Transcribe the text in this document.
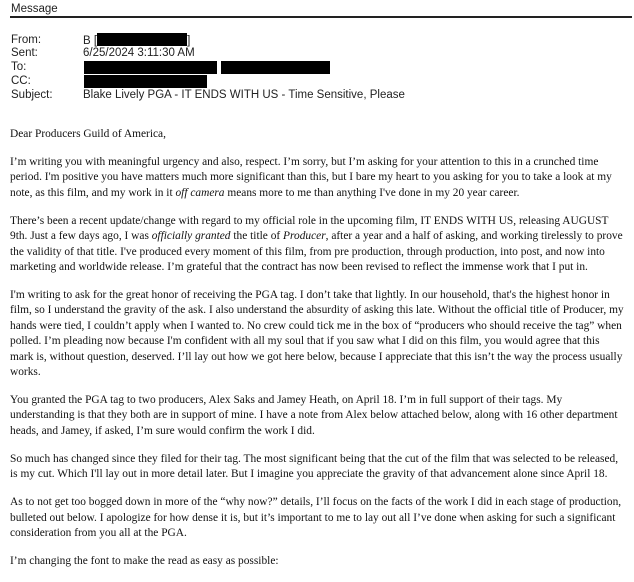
Message
From:	B [	]
Sent:	6/25/2024 3:11:30 AM
To:
CC:
Subject:	Blake Lively PGA - IT ENDS WITH US - Time Sensitive, Please
Dear Producers Guild of America,
I’m writing you with meaningful urgency and also, respect. I’m sorry, but I’m asking for your attention to this in a crunched time
period. I'm positive you have matters much more significant than this, but I bare my heart to you asking for you to take a look at my
note, as this film, and my work in it off camera means more to me than anything I've done in my 20 year career.
There’s been a recent update/change with regard to my official role in the upcoming film, IT ENDS WITH US, releasing AUGUST
9th. Just a few days ago, I was officially granted the title of Producer, after a year and a half of asking, and working tirelessly to prove
the validity of that title. I've produced every moment of this film, from pre production, through production, into post, and now into
marketing and worldwide release. I’m grateful that the contract has now been revised to reflect the immense work that I put in.
I'm writing to ask for the great honor of receiving the PGA tag. I don’t take that lightly. In our household, that's the highest honor in
film, so I understand the gravity of the ask. I also understand the absurdity of asking this late. Without the official title of Producer, my
hands were tied, I couldn’t apply when I wanted to. No crew could tick me in the box of “producers who should receive the tag” when
polled. I’m pleading now because I'm confident with all my soul that if you saw what I did on this film, you would agree that this
mark is, without question, deserved. I’ll lay out how we got here below, because I appreciate that this isn’t the way the process usually
works.
You granted the PGA tag to two producers, Alex Saks and Jamey Heath, on April 18. I’m in full support of their tags. My
understanding is that they both are in support of mine. I have a note from Alex below attached below, along with 16 other department
heads, and Jamey, if asked, I’m sure would confirm the work I did.
So much has changed since they filed for their tag. The most significant being that the cut of the film that was selected to be released,
is my cut. Which I'll lay out in more detail later. But I imagine you appreciate the gravity of that advancement alone since April 18.
As to not get too bogged down in more of the “why now?” details, I’ll focus on the facts of the work I did in each stage of production,
bulleted out below. I apologize for how dense it is, but it’s important to me to lay out all I’ve done when asking for such a significant
consideration from you all at the PGA.
I’m changing the font to make the read as easy as possible:
